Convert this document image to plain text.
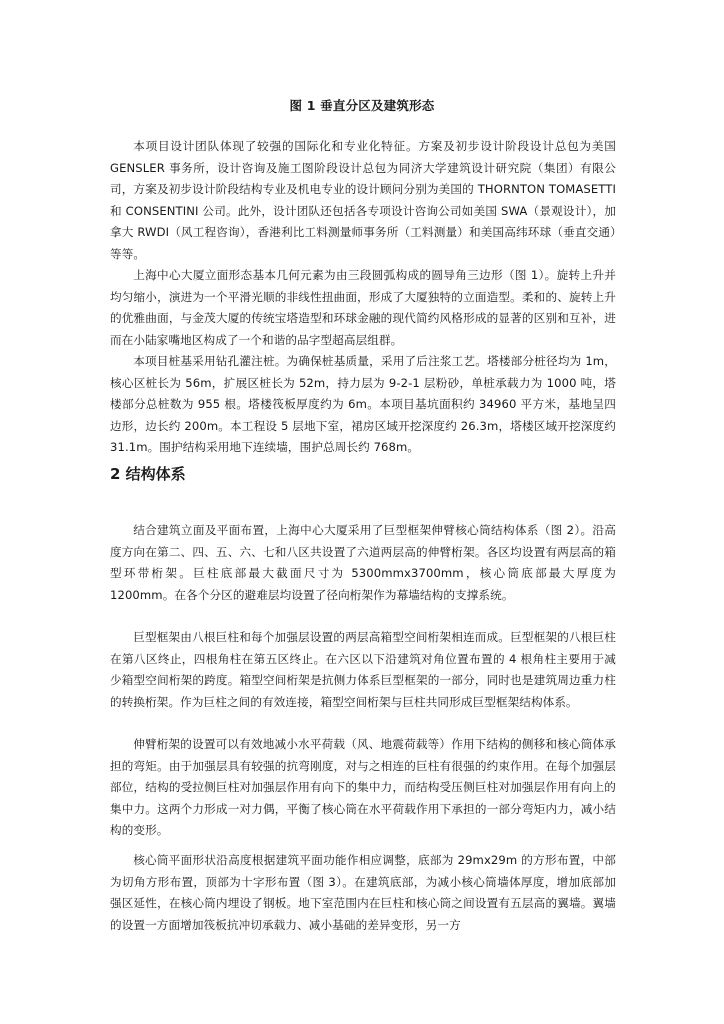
图 1 垂直分区及建筑形态

本项目设计团队体现了较强的国际化和专业化特征。方案及初步设计阶段设计总包为美国 GENSLER 事务所，设计咨询及施工图阶段设计总包为同济大学建筑设计研究院（集团）有限公司，方案及初步设计阶段结构专业及机电专业的设计顾问分别为美国的 THORNTON TOMASETTI 和 CONSENTINI 公司。此外，设计团队还包括各专项设计咨询公司如美国 SWA（景观设计），加拿大 RWDI（风工程咨询），香港利比工料测量师事务所（工料测量）和美国高纬环球（垂直交通）等等。

上海中心大厦立面形态基本几何元素为由三段圆弧构成的圆导角三边形（图 1）。旋转上升并均匀缩小，演进为一个平滑光顺的非线性扭曲面，形成了大厦独特的立面造型。柔和的、旋转上升的优雅曲面，与金茂大厦的传统宝塔造型和环球金融的现代简约风格形成的显著的区别和互补，进而在小陆家嘴地区构成了一个和谐的品字型超高层组群。

本项目桩基采用钻孔灌注桩。为确保桩基质量，采用了后注浆工艺。塔楼部分桩径均为 1m，核心区桩长为 56m，扩展区桩长为 52m，持力层为 9-2-1 层粉砂，单桩承载力为 1000 吨，塔楼部分总桩数为 955 根。塔楼筏板厚度约为 6m。本项目基坑面积约 34960 平方米，基地呈四边形，边长约 200m。本工程设 5 层地下室，裙房区域开挖深度约 26.3m，塔楼区域开挖深度约 31.1m。围护结构采用地下连续墙，围护总周长约 768m。

2 结构体系

结合建筑立面及平面布置，上海中心大厦采用了巨型框架伸臂核心筒结构体系（图 2）。沿高度方向在第二、四、五、六、七和八区共设置了六道两层高的伸臂桁架。各区均设置有两层高的箱型环带桁架。巨柱底部最大截面尺寸为 5300mmx3700mm，核心筒底部最大厚度为 1200mm。在各个分区的避难层均设置了径向桁架作为幕墙结构的支撑系统。

巨型框架由八根巨柱和每个加强层设置的两层高箱型空间桁架相连而成。巨型框架的八根巨柱在第八区终止，四根角柱在第五区终止。在六区以下沿建筑对角位置布置的 4 根角柱主要用于减少箱型空间桁架的跨度。箱型空间桁架是抗侧力体系巨型框架的一部分，同时也是建筑周边重力柱的转换桁架。作为巨柱之间的有效连接，箱型空间桁架与巨柱共同形成巨型框架结构体系。

伸臂桁架的设置可以有效地减小水平荷载（风、地震荷载等）作用下结构的侧移和核心筒体承担的弯矩。由于加强层具有较强的抗弯刚度，对与之相连的巨柱有很强的约束作用。在每个加强层部位，结构的受拉侧巨柱对加强层作用有向下的集中力，而结构受压侧巨柱对加强层作用有向上的集中力。这两个力形成一对力偶，平衡了核心筒在水平荷载作用下承担的一部分弯矩内力，减小结构的变形。

核心筒平面形状沿高度根据建筑平面功能作相应调整，底部为 29mx29m 的方形布置，中部为切角方形布置，顶部为十字形布置（图 3）。在建筑底部，为减小核心筒墙体厚度，增加底部加强区延性，在核心筒内埋设了钢板。地下室范围内在巨柱和核心筒之间设置有五层高的翼墙。翼墙的设置一方面增加筏板抗冲切承载力、减小基础的差异变形，另一方
